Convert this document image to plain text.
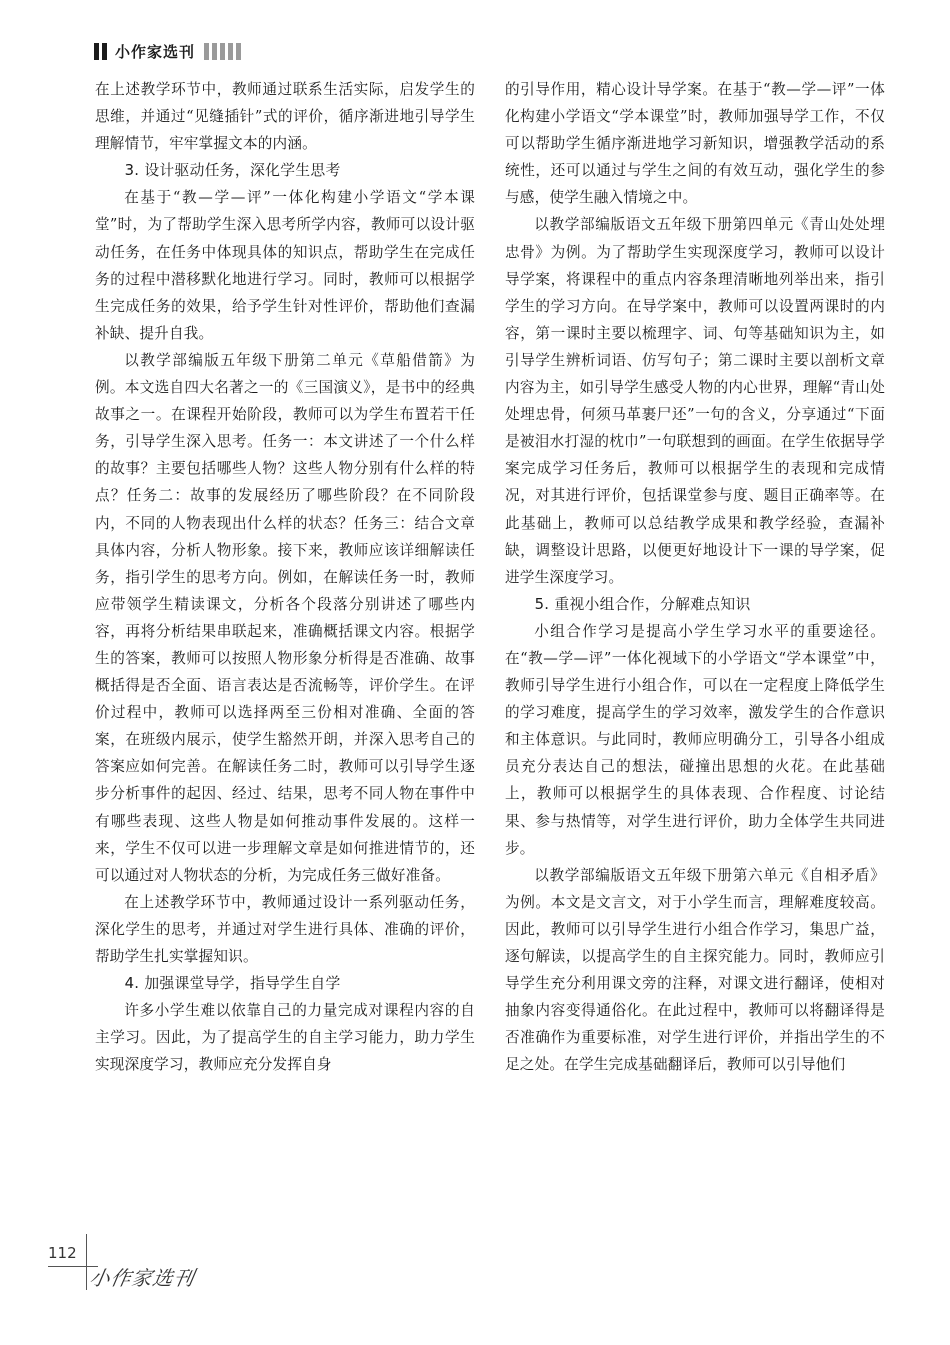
小作家选刊

在上述教学环节中，教师通过联系生活实际，启发学生的思维，并通过“见缝插针”式的评价，循序渐进地引导学生理解情节，牢牢掌握文本的内涵。

3. 设计驱动任务，深化学生思考

在基于“教—学—评”一体化构建小学语文“学本课堂”时，为了帮助学生深入思考所学内容，教师可以设计驱动任务，在任务中体现具体的知识点，帮助学生在完成任务的过程中潜移默化地进行学习。同时，教师可以根据学生完成任务的效果，给予学生针对性评价，帮助他们查漏补缺、提升自我。

以教学部编版五年级下册第二单元《草船借箭》为例。本文选自四大名著之一的《三国演义》，是书中的经典故事之一。在课程开始阶段，教师可以为学生布置若干任务，引导学生深入思考。任务一：本文讲述了一个什么样的故事？主要包括哪些人物？这些人物分别有什么样的特点？任务二：故事的发展经历了哪些阶段？在不同阶段内，不同的人物表现出什么样的状态？任务三：结合文章具体内容，分析人物形象。接下来，教师应该详细解读任务，指引学生的思考方向。例如，在解读任务一时，教师应带领学生精读课文，分析各个段落分别讲述了哪些内容，再将分析结果串联起来，准确概括课文内容。根据学生的答案，教师可以按照人物形象分析得是否准确、故事概括得是否全面、语言表达是否流畅等，评价学生。在评价过程中，教师可以选择两至三份相对准确、全面的答案，在班级内展示，使学生豁然开朗，并深入思考自己的答案应如何完善。在解读任务二时，教师可以引导学生逐步分析事件的起因、经过、结果，思考不同人物在事件中有哪些表现、这些人物是如何推动事件发展的。这样一来，学生不仅可以进一步理解文章是如何推进情节的，还可以通过对人物状态的分析，为完成任务三做好准备。

在上述教学环节中，教师通过设计一系列驱动任务，深化学生的思考，并通过对学生进行具体、准确的评价，帮助学生扎实掌握知识。

4. 加强课堂导学，指导学生自学

许多小学生难以依靠自己的力量完成对课程内容的自主学习。因此，为了提高学生的自主学习能力，助力学生实现深度学习，教师应充分发挥自身

的引导作用，精心设计导学案。在基于“教—学—评”一体化构建小学语文“学本课堂”时，教师加强导学工作，不仅可以帮助学生循序渐进地学习新知识，增强教学活动的系统性，还可以通过与学生之间的有效互动，强化学生的参与感，使学生融入情境之中。

以教学部编版语文五年级下册第四单元《青山处处埋忠骨》为例。为了帮助学生实现深度学习，教师可以设计导学案，将课程中的重点内容条理清晰地列举出来，指引学生的学习方向。在导学案中，教师可以设置两课时的内容，第一课时主要以梳理字、词、句等基础知识为主，如引导学生辨析词语、仿写句子；第二课时主要以剖析文章内容为主，如引导学生感受人物的内心世界，理解“青山处处埋忠骨，何须马革裹尸还”一句的含义，分享通过“下面是被泪水打湿的枕巾”一句联想到的画面。在学生依据导学案完成学习任务后，教师可以根据学生的表现和完成情况，对其进行评价，包括课堂参与度、题目正确率等。在此基础上，教师可以总结教学成果和教学经验，查漏补缺，调整设计思路，以便更好地设计下一课的导学案，促进学生深度学习。

5. 重视小组合作，分解难点知识

小组合作学习是提高小学生学习水平的重要途径。在“教—学—评”一体化视域下的小学语文“学本课堂”中，教师引导学生进行小组合作，可以在一定程度上降低学生的学习难度，提高学生的学习效率，激发学生的合作意识和主体意识。与此同时，教师应明确分工，引导各小组成员充分表达自己的想法，碰撞出思想的火花。在此基础上，教师可以根据学生的具体表现、合作程度、讨论结果、参与热情等，对学生进行评价，助力全体学生共同进步。

以教学部编版语文五年级下册第六单元《自相矛盾》为例。本文是文言文，对于小学生而言，理解难度较高。因此，教师可以引导学生进行小组合作学习，集思广益，逐句解读，以提高学生的自主探究能力。同时，教师应引导学生充分利用课文旁的注释，对课文进行翻译，使相对抽象内容变得通俗化。在此过程中，教师可以将翻译得是否准确作为重要标准，对学生进行评价，并指出学生的不足之处。在学生完成基础翻译后，教师可以引导他们

112
小作家选刊
